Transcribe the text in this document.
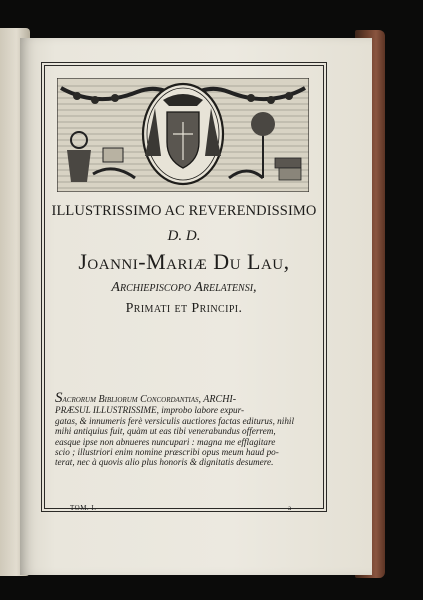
ILLUSTRISSIMO AC REVERENDISSIMO
D. D.
Joanni-Mariæ Du Lau,
Archiepiscopo Arelatensi,
Primati et Principi.
Sacrorum Bibliorum Concordantias, ARCHI-
PRÆSUL ILLUSTRISSIME, improbo labore expur-
gatas, & innumeris ferè versiculis auctiores factas editurus, nihil
mihi antiquius fuit, quàm ut eas tibi venerabundus offerrem,
easque ipse non abnueres nuncupari : magna me efflagitare
scio ; illustriori enim nomine præscribi opus meum haud po-
terat, nec à quovis alio plus honoris & dignitatis desumere.
TOM. I.	a
